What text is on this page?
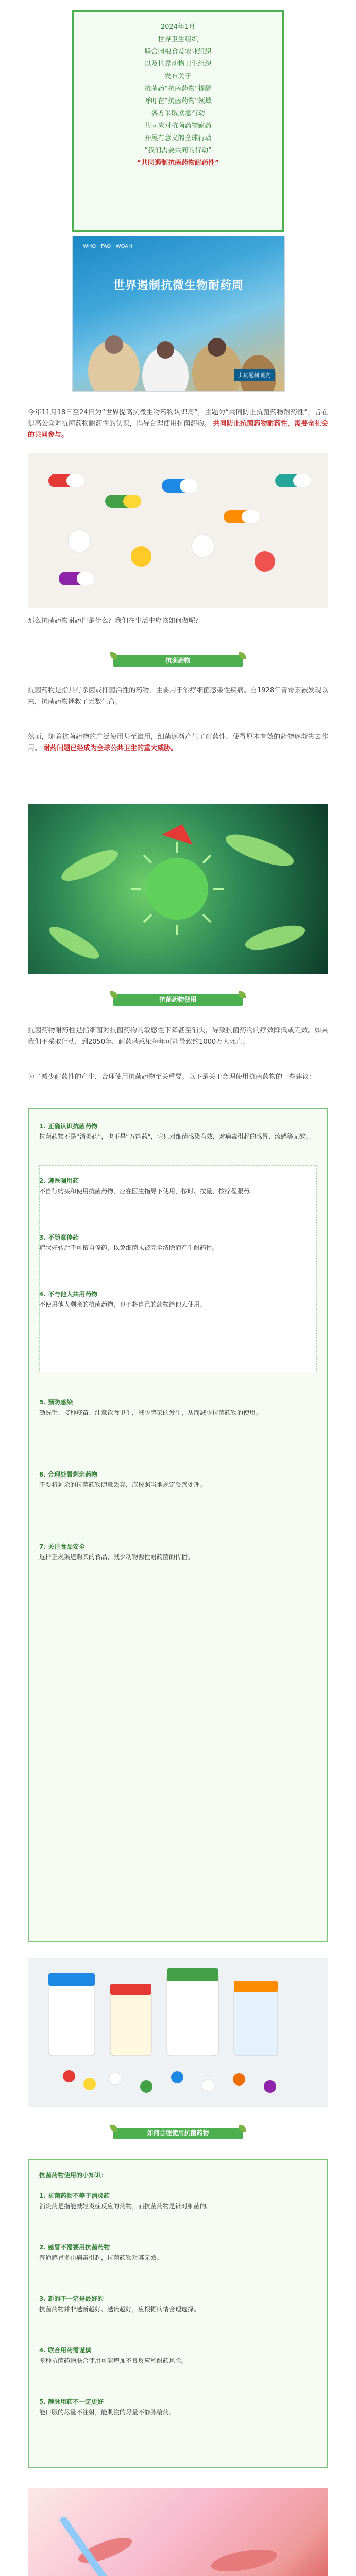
2024年1月
世界卫生组织
联合国粮食及农业组织
以及世界动物卫生组织
发布关于
抗菌药“抗菌药物”提醒
呼吁在“抗菌药物”领域
各方采取紧急行动
共同应对抗菌药物耐药
开展有意义的全球行动
“我们需要共同的行动”
“共同遏制抗菌药物耐药性”
WHO · FAO · WOAH
世界遏制抗微生物耐药周
共同遏制 耐药
今年11月18日至24日为“世界提高抗微生物药物认识周”，主题为“共同防止抗菌药物耐药性”，旨在提高公众对抗菌药物耐药性的认识，倡导合理使用抗菌药物。 共同防止抗菌药物耐药性，需要全社会的共同参与。
那么抗菌药物耐药性是什么？我们在生活中应该如何做呢？
抗菌药物
抗菌药物是指具有杀菌或抑菌活性的药物，主要用于治疗细菌感染性疾病。自1928年青霉素被发现以来，抗菌药物拯救了无数生命。
然而，随着抗菌药物的广泛使用甚至滥用，细菌逐渐产生了耐药性，使得原本有效的药物逐渐失去作用。 耐药问题已经成为全球公共卫生的重大威胁。
抗菌药物使用
抗菌药物耐药性是指细菌对抗菌药物的敏感性下降甚至消失，导致抗菌药物的疗效降低或无效。如果我们不采取行动，到2050年，耐药菌感染每年可能导致约1000万人死亡。
为了减少耐药性的产生，合理使用抗菌药物至关重要。以下是关于合理使用抗菌药物的一些建议：
1. 正确认识抗菌药物
抗菌药物不是“消炎药”，也不是“万能药”，它只对细菌感染有效，对病毒引起的感冒、流感等无效。
2. 遵医嘱用药
不自行购买和使用抗菌药物，应在医生指导下使用，按时、按量、按疗程服药。
3. 不随意停药
症状好转后不可擅自停药，以免细菌未被完全清除而产生耐药性。
4. 不与他人共用药物
不使用他人剩余的抗菌药物，也不将自己的药物给他人使用。
5. 预防感染
勤洗手、接种疫苗、注意饮食卫生，减少感染的发生，从而减少抗菌药物的使用。
6. 合理处置剩余药物
不要将剩余的抗菌药物随意丢弃，应按照当地规定妥善处理。
7. 关注食品安全
选择正规渠道购买的食品，减少动物源性耐药菌的传播。
如何合理使用抗菌药物
抗菌药物使用的小知识：
1. 抗菌药物不等于消炎药
消炎药是指能减轻炎症反应的药物，而抗菌药物是针对细菌的。
2. 感冒不需要用抗菌药物
普通感冒多由病毒引起，抗菌药物对其无效。
3. 新的不一定是最好的
抗菌药物并非越新越好、越贵越好，应根据病情合理选择。
4. 联合用药需谨慎
多种抗菌药物联合使用可能增加不良反应和耐药风险。
5. 静脉用药不一定更好
能口服的尽量不注射，能肌注的尽量不静脉给药。
